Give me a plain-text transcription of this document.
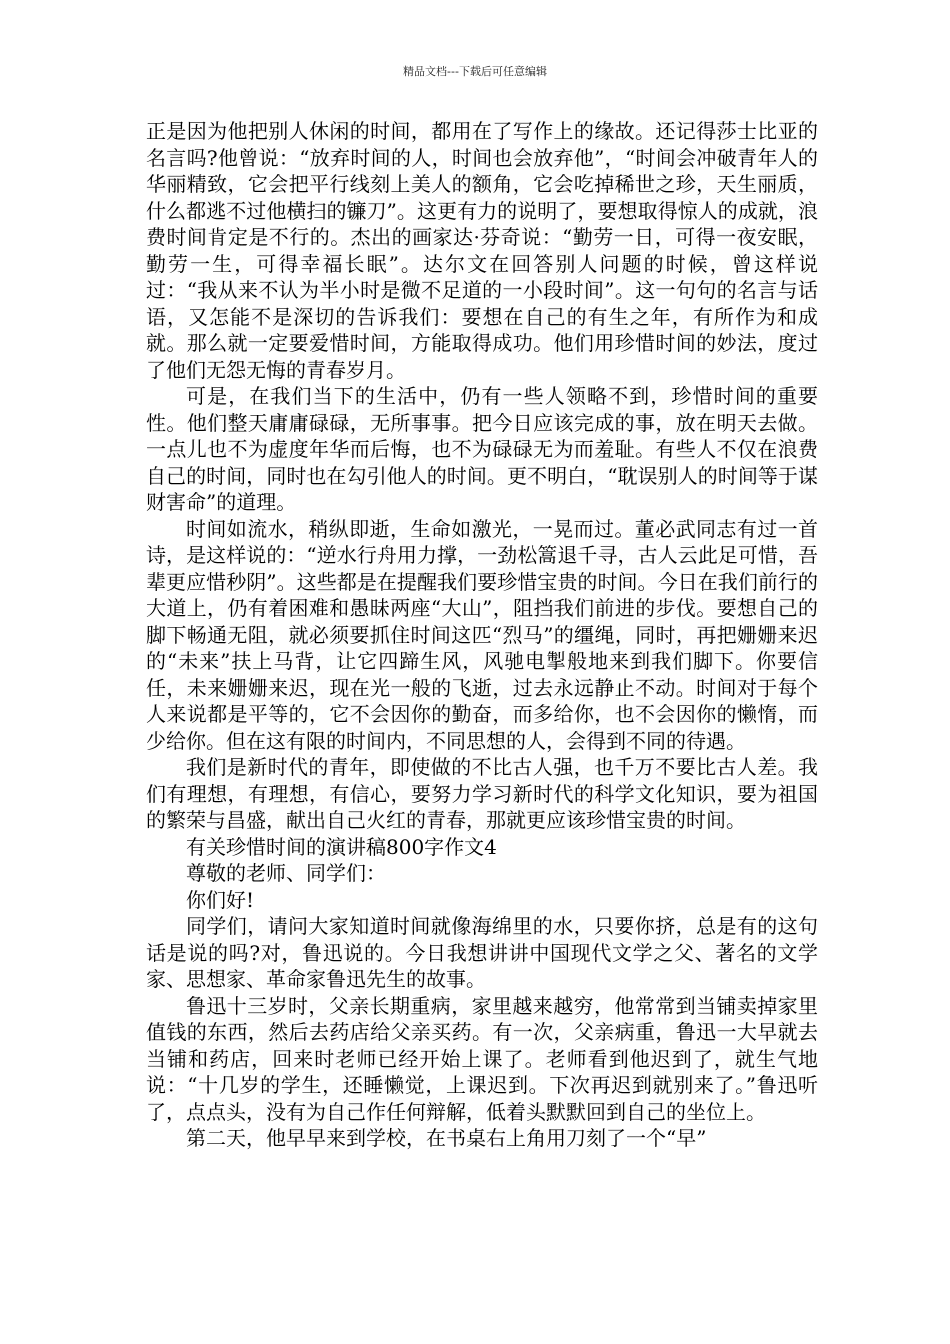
精品文档---下载后可任意编辑

正是因为他把别人休闲的时间，都用在了写作上的缘故。还记得莎士比亚的名言吗?他曾说：“放弃时间的人，时间也会放弃他”，“时间会冲破青年人的华丽精致，它会把平行线刻上美人的额角，它会吃掉稀世之珍，天生丽质，什么都逃不过他横扫的镰刀”。这更有力的说明了，要想取得惊人的成就，浪费时间肯定是不行的。杰出的画家达·芬奇说：“勤劳一日，可得一夜安眠，勤劳一生，可得幸福长眠”。达尔文在回答别人问题的时候，曾这样说过：“我从来不认为半小时是微不足道的一小段时间”。这一句句的名言与话语，又怎能不是深切的告诉我们：要想在自己的有生之年，有所作为和成就。那么就一定要爱惜时间，方能取得成功。他们用珍惜时间的妙法，度过了他们无怨无悔的青春岁月。

可是，在我们当下的生活中，仍有一些人领略不到，珍惜时间的重要性。他们整天庸庸碌碌，无所事事。把今日应该完成的事，放在明天去做。一点儿也不为虚度年华而后悔，也不为碌碌无为而羞耻。有些人不仅在浪费自己的时间，同时也在勾引他人的时间。更不明白，“耽误别人的时间等于谋财害命”的道理。

时间如流水，稍纵即逝，生命如激光，一晃而过。董必武同志有过一首诗，是这样说的：“逆水行舟用力撑，一劲松篙退千寻，古人云此足可惜，吾辈更应惜秒阴”。这些都是在提醒我们要珍惜宝贵的时间。今日在我们前行的大道上，仍有着困难和愚昧两座“大山”，阻挡我们前进的步伐。要想自己的脚下畅通无阻，就必须要抓住时间这匹“烈马”的缰绳，同时，再把姗姗来迟的“未来”扶上马背，让它四蹄生风，风驰电掣般地来到我们脚下。你要信任，未来姗姗来迟，现在光一般的飞逝，过去永远静止不动。时间对于每个人来说都是平等的，它不会因你的勤奋，而多给你，也不会因你的懒惰，而少给你。但在这有限的时间内，不同思想的人，会得到不同的待遇。

我们是新时代的青年，即使做的不比古人强，也千万不要比古人差。我们有理想，有理想，有信心，要努力学习新时代的科学文化知识，要为祖国的繁荣与昌盛，献出自己火红的青春，那就更应该珍惜宝贵的时间。

有关珍惜时间的演讲稿800字作文4

尊敬的老师、同学们：

你们好!

同学们，请问大家知道时间就像海绵里的水，只要你挤，总是有的这句话是说的吗?对，鲁迅说的。今日我想讲讲中国现代文学之父、著名的文学家、思想家、革命家鲁迅先生的故事。

鲁迅十三岁时，父亲长期重病，家里越来越穷，他常常到当铺卖掉家里值钱的东西，然后去药店给父亲买药。有一次，父亲病重，鲁迅一大早就去当铺和药店，回来时老师已经开始上课了。老师看到他迟到了，就生气地说：“十几岁的学生，还睡懒觉，上课迟到。下次再迟到就别来了。”鲁迅听了，点点头，没有为自己作任何辩解，低着头默默回到自己的坐位上。

第二天，他早早来到学校，在书桌右上角用刀刻了一个“早”
